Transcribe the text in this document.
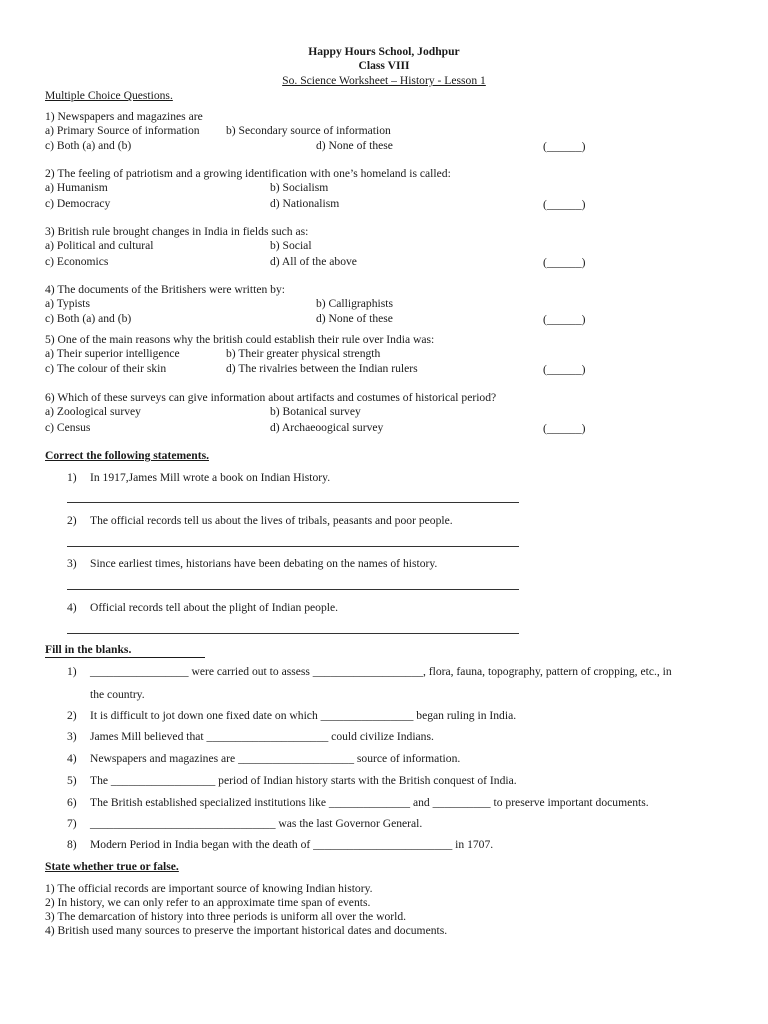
Happy Hours School, Jodhpur
Class VIII
So. Science Worksheet – History - Lesson 1
Multiple Choice Questions.
1) Newspapers and magazines are
a) Primary Source of information b) Secondary source of information
c) Both (a) and (b)	d) None of these	(______)
2) The feeling of patriotism and a growing identification with one’s homeland is called:
a) Humanism	b) Socialism
c) Democracy	d) Nationalism	(______)
3) British rule brought changes in India in fields such as:
a) Political and cultural	b) Social
c) Economics	d) All of the above	(______)
4) The documents of the Britishers were written by:
a) Typists	b) Calligraphists
c) Both (a) and (b)	d) None of these	(______)
5) One of the main reasons why the british could establish their rule over India was:
a) Their superior intelligence	b) Their greater physical strength
c) The colour of their skin	d) The rivalries between the Indian rulers	(______)
6) Which of these surveys can give information about artifacts and costumes of historical period?
a) Zoological survey	b) Botanical survey
c) Census	d) Archaeoogical survey	(______)
Correct the following statements.
1) In 1917,James Mill wrote a book on Indian History.
2) The official records tell us about the lives of tribals, peasants and poor people.
3) Since earliest times, historians have been debating on the names of history.
4) Official records tell about the plight of Indian people.
Fill in the blanks.
1) _________________ were carried out to assess ___________________, flora, fauna, topography, pattern of cropping, etc., in
the country.
2) It is difficult to jot down one fixed date on which ________________ began ruling in India.
3) James Mill believed that _____________________ could civilize Indians.
4) Newspapers and magazines are ____________________ source of information.
5) The __________________ period of Indian history starts with the British conquest of India.
6) The British established specialized institutions like ______________ and __________ to preserve important documents.
7) ________________________________ was the last Governor General.
8) Modern Period in India began with the death of ________________________ in 1707.
State whether true or false.
1) The official records are important source of knowing Indian history.
2) In history, we can only refer to an approximate time span of events.
3) The demarcation of history into three periods is uniform all over the world.
4) British used many sources to preserve the important historical dates and documents.
